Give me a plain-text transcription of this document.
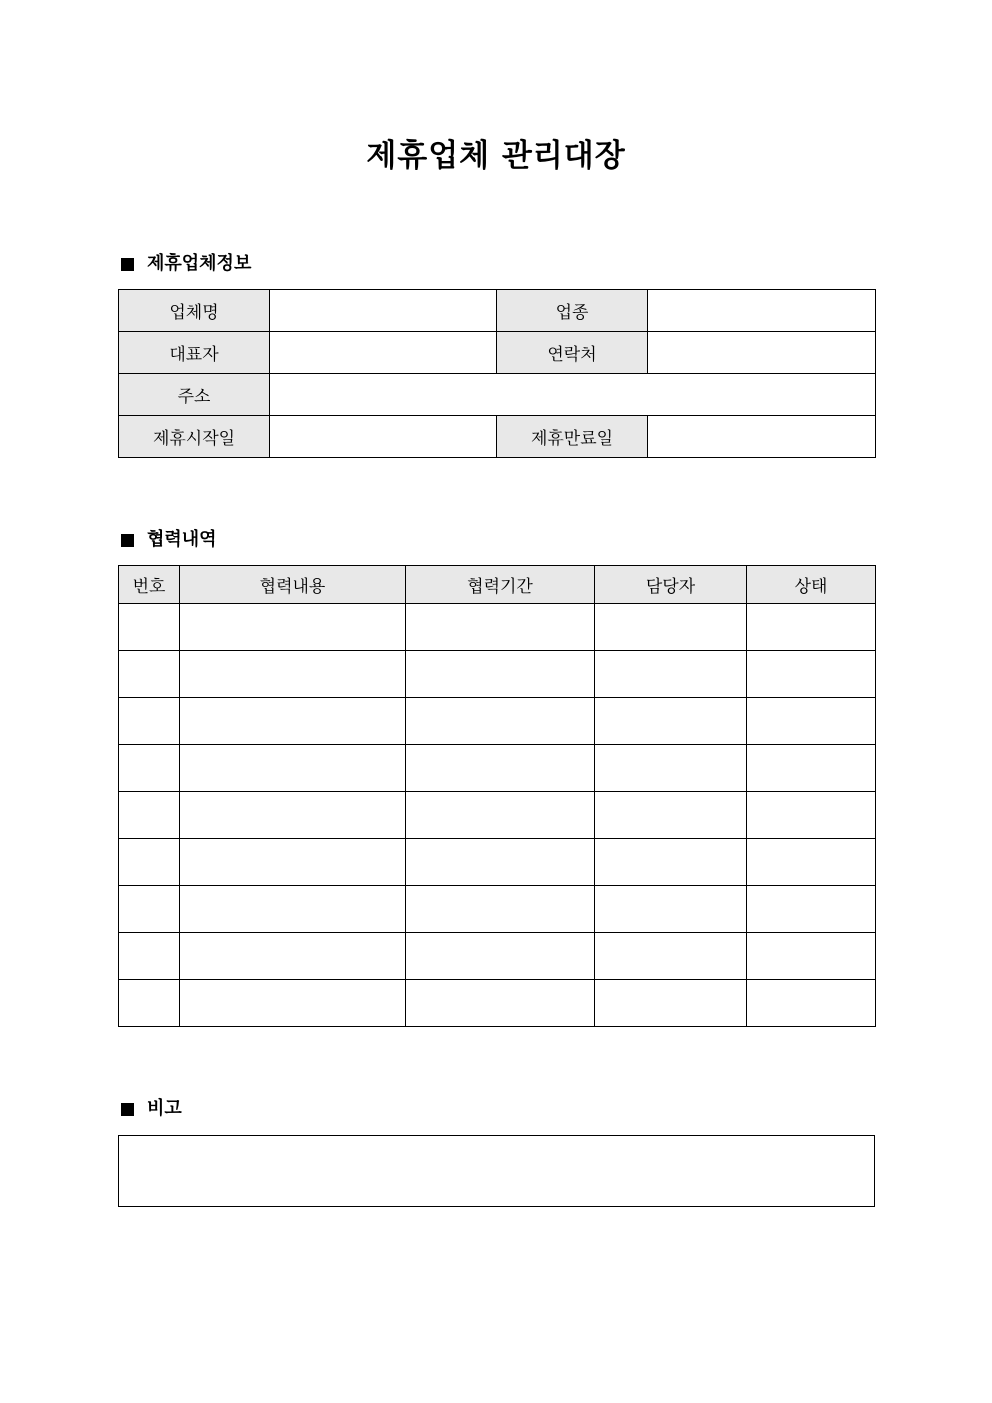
제휴업체 관리대장
제휴업체정보
업체명		업종	
대표자		연락처	
주소			
제휴시작일		제휴만료일	
협력내역
번호	협력내용	협력기간	담당자	상태

비고
